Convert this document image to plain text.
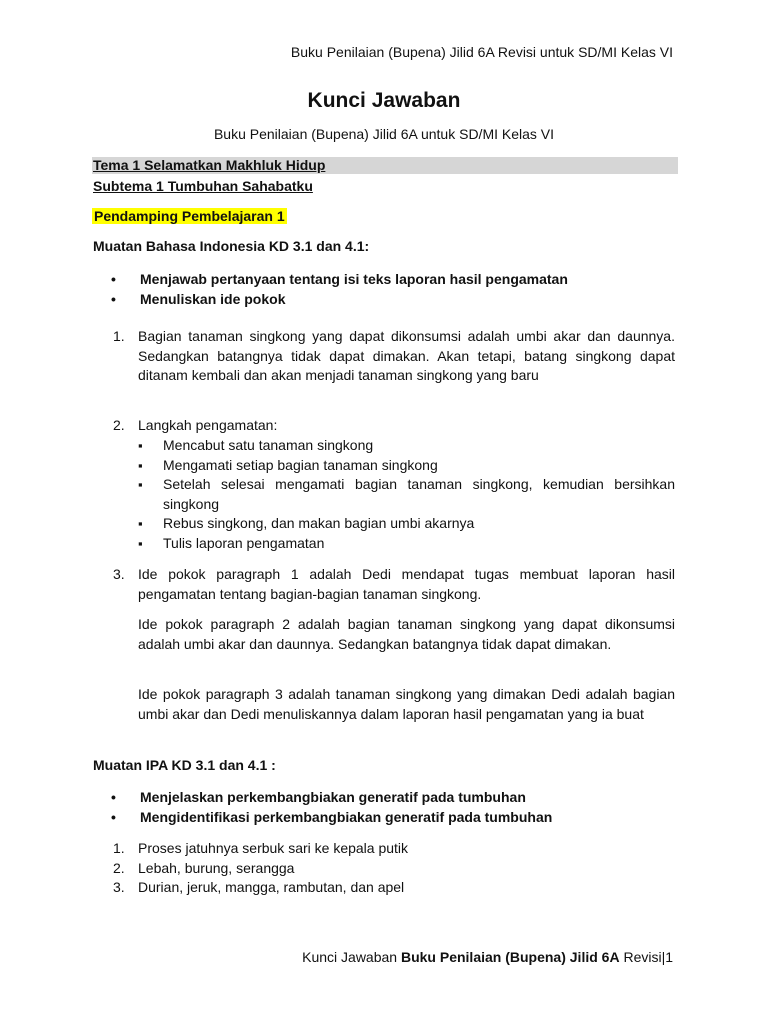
Buku Penilaian (Bupena) Jilid 6A Revisi untuk SD/MI Kelas VI
Kunci Jawaban
Buku Penilaian (Bupena) Jilid 6A untuk SD/MI Kelas VI
Tema 1 Selamatkan Makhluk Hidup
Subtema 1 Tumbuhan Sahabatku
Pendamping Pembelajaran 1
Muatan Bahasa Indonesia KD 3.1 dan 4.1:
• Menjawab pertanyaan tentang isi teks laporan hasil pengamatan
• Menuliskan ide pokok
1. Bagian tanaman singkong yang dapat dikonsumsi adalah umbi akar dan daunnya. Sedangkan batangnya tidak dapat dimakan. Akan tetapi, batang singkong dapat ditanam kembali dan akan menjadi tanaman singkong yang baru
2. Langkah pengamatan:
▪ Mencabut satu tanaman singkong
▪ Mengamati setiap bagian tanaman singkong
▪ Setelah selesai mengamati bagian tanaman singkong, kemudian bersihkan singkong
▪ Rebus singkong, dan makan bagian umbi akarnya
▪ Tulis laporan pengamatan
3. Ide pokok paragraph 1 adalah Dedi mendapat tugas membuat laporan hasil pengamatan tentang bagian-bagian tanaman singkong.
Ide pokok paragraph 2 adalah bagian tanaman singkong yang dapat dikonsumsi adalah umbi akar dan daunnya. Sedangkan batangnya tidak dapat dimakan.
Ide pokok paragraph 3 adalah tanaman singkong yang dimakan Dedi adalah bagian umbi akar dan Dedi menuliskannya dalam laporan hasil pengamatan yang ia buat
Muatan IPA KD 3.1 dan 4.1 :
• Menjelaskan perkembangbiakan generatif pada tumbuhan
• Mengidentifikasi perkembangbiakan generatif pada tumbuhan
1. Proses jatuhnya serbuk sari ke kepala putik
2. Lebah, burung, serangga
3. Durian, jeruk, mangga, rambutan, dan apel
Kunci Jawaban Buku Penilaian (Bupena) Jilid 6A Revisi|1
